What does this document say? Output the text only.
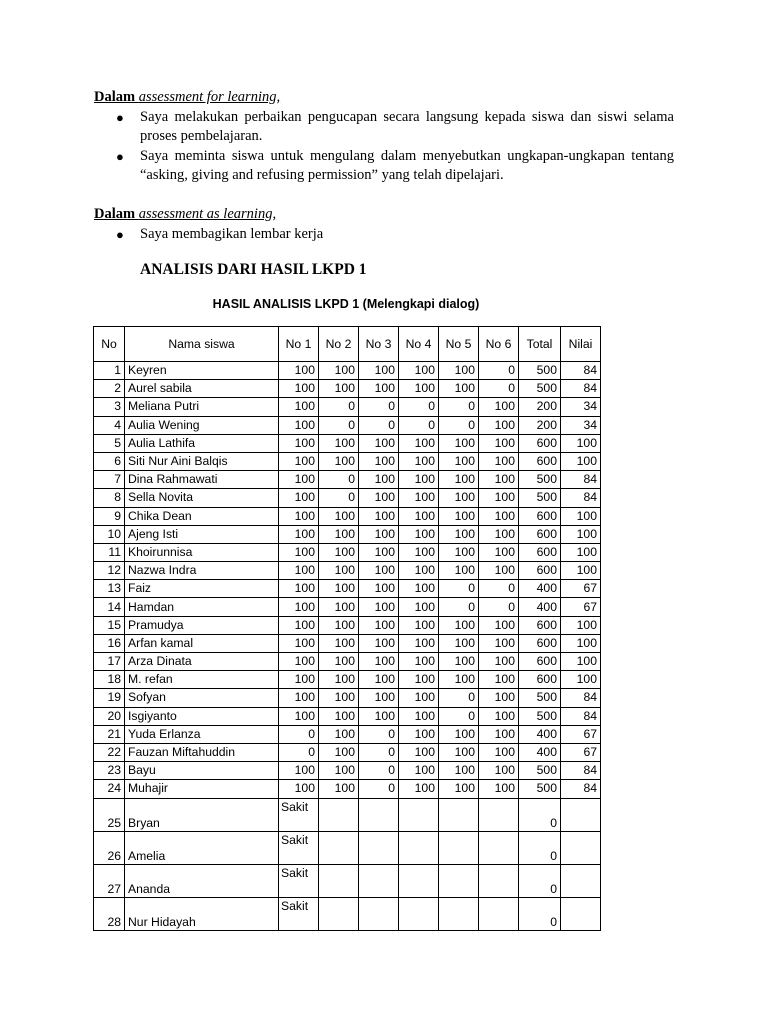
Dalam assessment for learning,
● Saya melakukan perbaikan pengucapan secara langsung kepada siswa dan siswi selama proses pembelajaran.
● Saya meminta siswa untuk mengulang dalam menyebutkan ungkapan-ungkapan tentang “asking, giving and refusing permission” yang telah dipelajari.
Dalam assessment as learning,
● Saya membagikan lembar kerja
ANALISIS DARI HASIL LKPD 1
HASIL ANALISIS LKPD 1 (Melengkapi dialog)
No	Nama siswa	No 1	No 2	No 3	No 4	No 5	No 6	Total	Nilai
1	Keyren	100	100	100	100	100	0	500	84
2	Aurel sabila	100	100	100	100	100	0	500	84
3	Meliana Putri	100	0	0	0	0	100	200	34
4	Aulia Wening	100	0	0	0	0	100	200	34
5	Aulia Lathifa	100	100	100	100	100	100	600	100
6	Siti Nur Aini Balqis	100	100	100	100	100	100	600	100
7	Dina Rahmawati	100	0	100	100	100	100	500	84
8	Sella Novita	100	0	100	100	100	100	500	84
9	Chika Dean	100	100	100	100	100	100	600	100
10	Ajeng Isti	100	100	100	100	100	100	600	100
11	Khoirunnisa	100	100	100	100	100	100	600	100
12	Nazwa Indra	100	100	100	100	100	100	600	100
13	Faiz	100	100	100	100	0	0	400	67
14	Hamdan	100	100	100	100	0	0	400	67
15	Pramudya	100	100	100	100	100	100	600	100
16	Arfan kamal	100	100	100	100	100	100	600	100
17	Arza Dinata	100	100	100	100	100	100	600	100
18	M. refan	100	100	100	100	100	100	600	100
19	Sofyan	100	100	100	100	0	100	500	84
20	Isgiyanto	100	100	100	100	0	100	500	84
21	Yuda Erlanza	0	100	0	100	100	100	400	67
22	Fauzan Miftahuddin	0	100	0	100	100	100	400	67
23	Bayu	100	100	0	100	100	100	500	84
24	Muhajir	100	100	0	100	100	100	500	84
25	Bryan	Sakit						0	
26	Amelia	Sakit						0	
27	Ananda	Sakit						0	
28	Nur Hidayah	Sakit						0	
